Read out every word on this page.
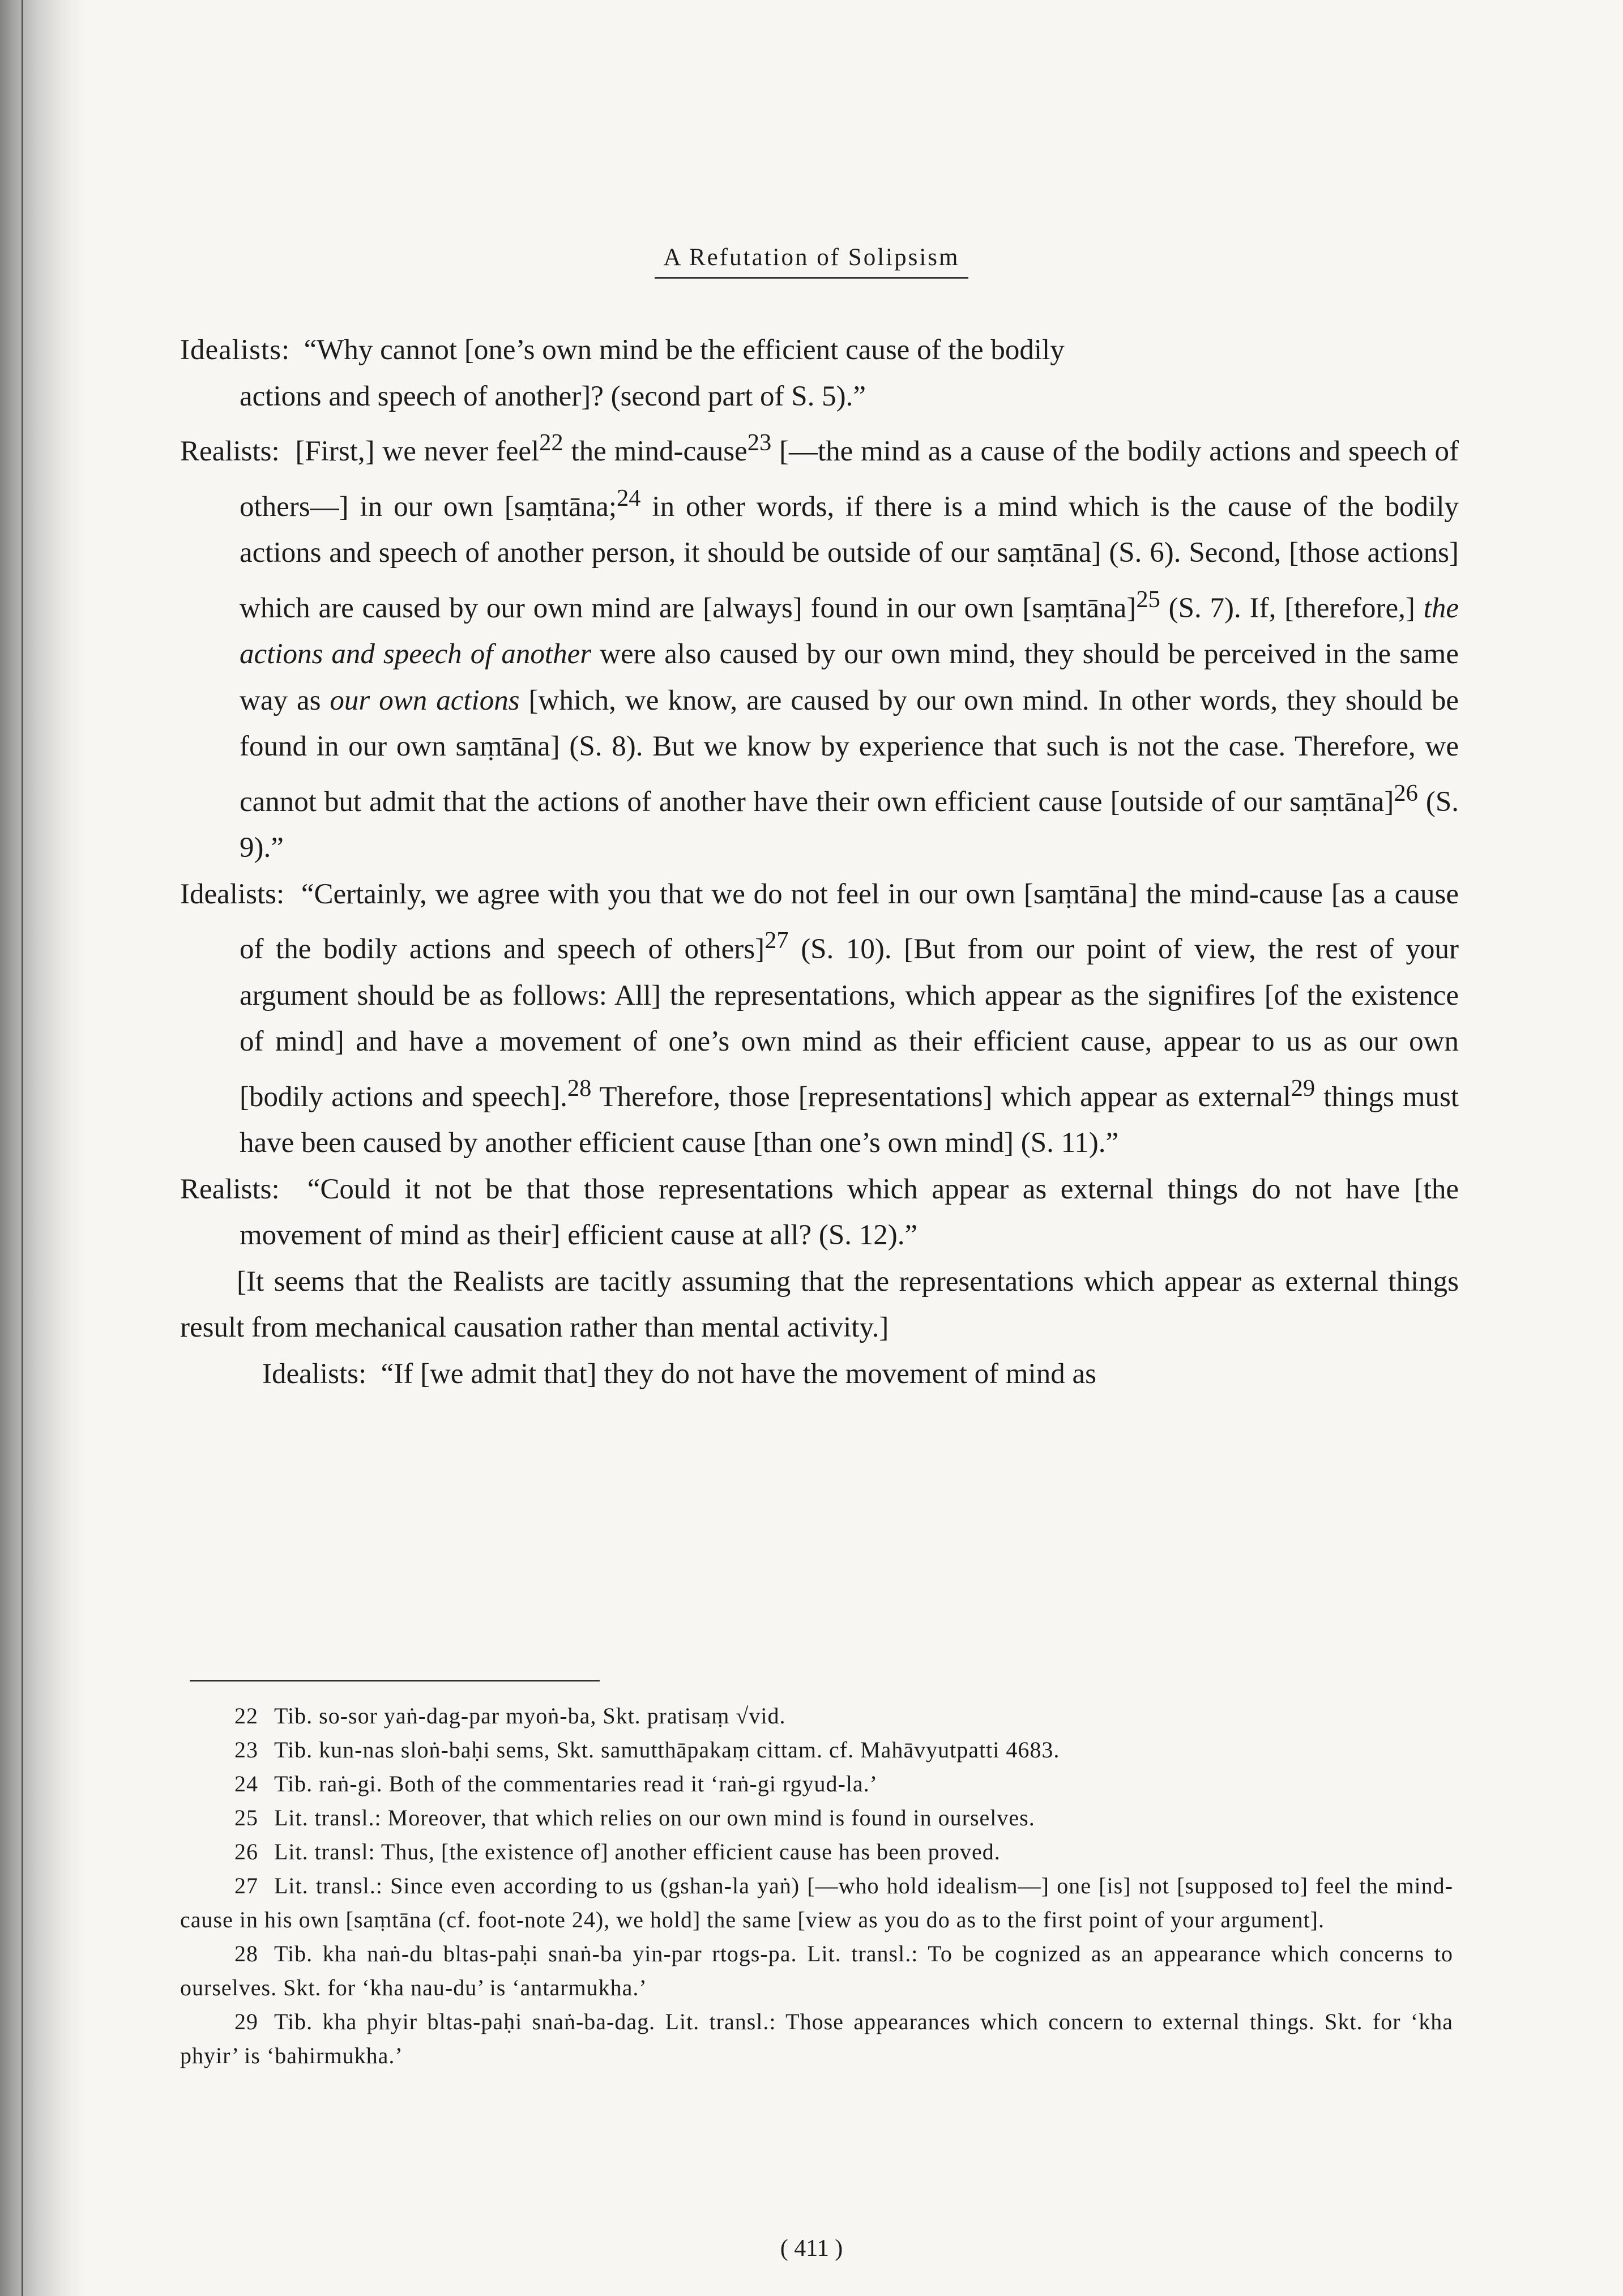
A Refutation of Solipsism

Idealists:  “Why cannot [one’s own mind be the efficient cause of the bodily
actions and speech of another]? (second part of S. 5).”

Realists:  [First,] we never feel$^{22}$ the mind-cause$^{23}$ [—the mind as a cause of the bodily actions and speech of others—] in our own [saṃtāna;$^{24}$ in other words, if there is a mind which is the cause of the bodily actions and speech of another person, it should be outside of our saṃtāna] (S. 6). Second, [those actions] which are caused by our own mind are [always] found in our own [saṃtāna]$^{25}$ (S. 7). If, [therefore,] the actions and speech of another were also caused by our own mind, they should be perceived in the same way as our own actions [which, we know, are caused by our own mind. In other words, they should be found in our own saṃtāna] (S. 8). But we know by experience that such is not the case. Therefore, we cannot but admit that the actions of another have their own efficient cause [outside of our saṃtāna]$^{26}$ (S. 9).”

Idealists:  “Certainly, we agree with you that we do not feel in our own [saṃtāna] the mind-cause [as a cause of the bodily actions and speech of others]$^{27}$ (S. 10). [But from our point of view, the rest of your argument should be as follows: All] the representations, which appear as the signifires [of the existence of mind] and have a movement of one’s own mind as their efficient cause, appear to us as our own [bodily actions and speech].$^{28}$ Therefore, those [representations] which appear as external$^{29}$ things must have been caused by another efficient cause [than one’s own mind] (S. 11).”

Realists:  “Could it not be that those representations which appear as external things do not have [the movement of mind as their] efficient cause at all? (S. 12).”

[It seems that the Realists are tacitly assuming that the representations which appear as external things result from mechanical causation rather than mental activity.]

Idealists:  “If [we admit that] they do not have the movement of mind as

22 Tib. so-sor yaṅ-dag-par myoṅ-ba, Skt. pratisaṃ √vid.

23 Tib. kun-nas sloṅ-baḥi sems, Skt. samutthāpakaṃ cittam. cf. Mahāvyutpatti 4683.

24 Tib. raṅ-gi. Both of the commentaries read it ‘raṅ-gi rgyud-la.’

25 Lit. transl.: Moreover, that which relies on our own mind is found in ourselves.

26 Lit. transl: Thus, [the existence of] another efficient cause has been proved.

27 Lit. transl.: Since even according to us (gshan-la yaṅ) [—who hold idealism—] one [is] not [supposed to] feel the mind-cause in his own [saṃtāna (cf. foot-note 24), we hold] the same [view as you do as to the first point of your argument].

28 Tib. kha naṅ-du bltas-paḥi snaṅ-ba yin-par rtogs-pa. Lit. transl.: To be cognized as an appearance which concerns to ourselves. Skt. for ‘kha nau-du’ is ‘antarmukha.’

29 Tib. kha phyir bltas-paḥi snaṅ-ba-dag. Lit. transl.: Those appearances which concern to external things. Skt. for ‘kha phyir’ is ‘bahirmukha.’

( 411 )
